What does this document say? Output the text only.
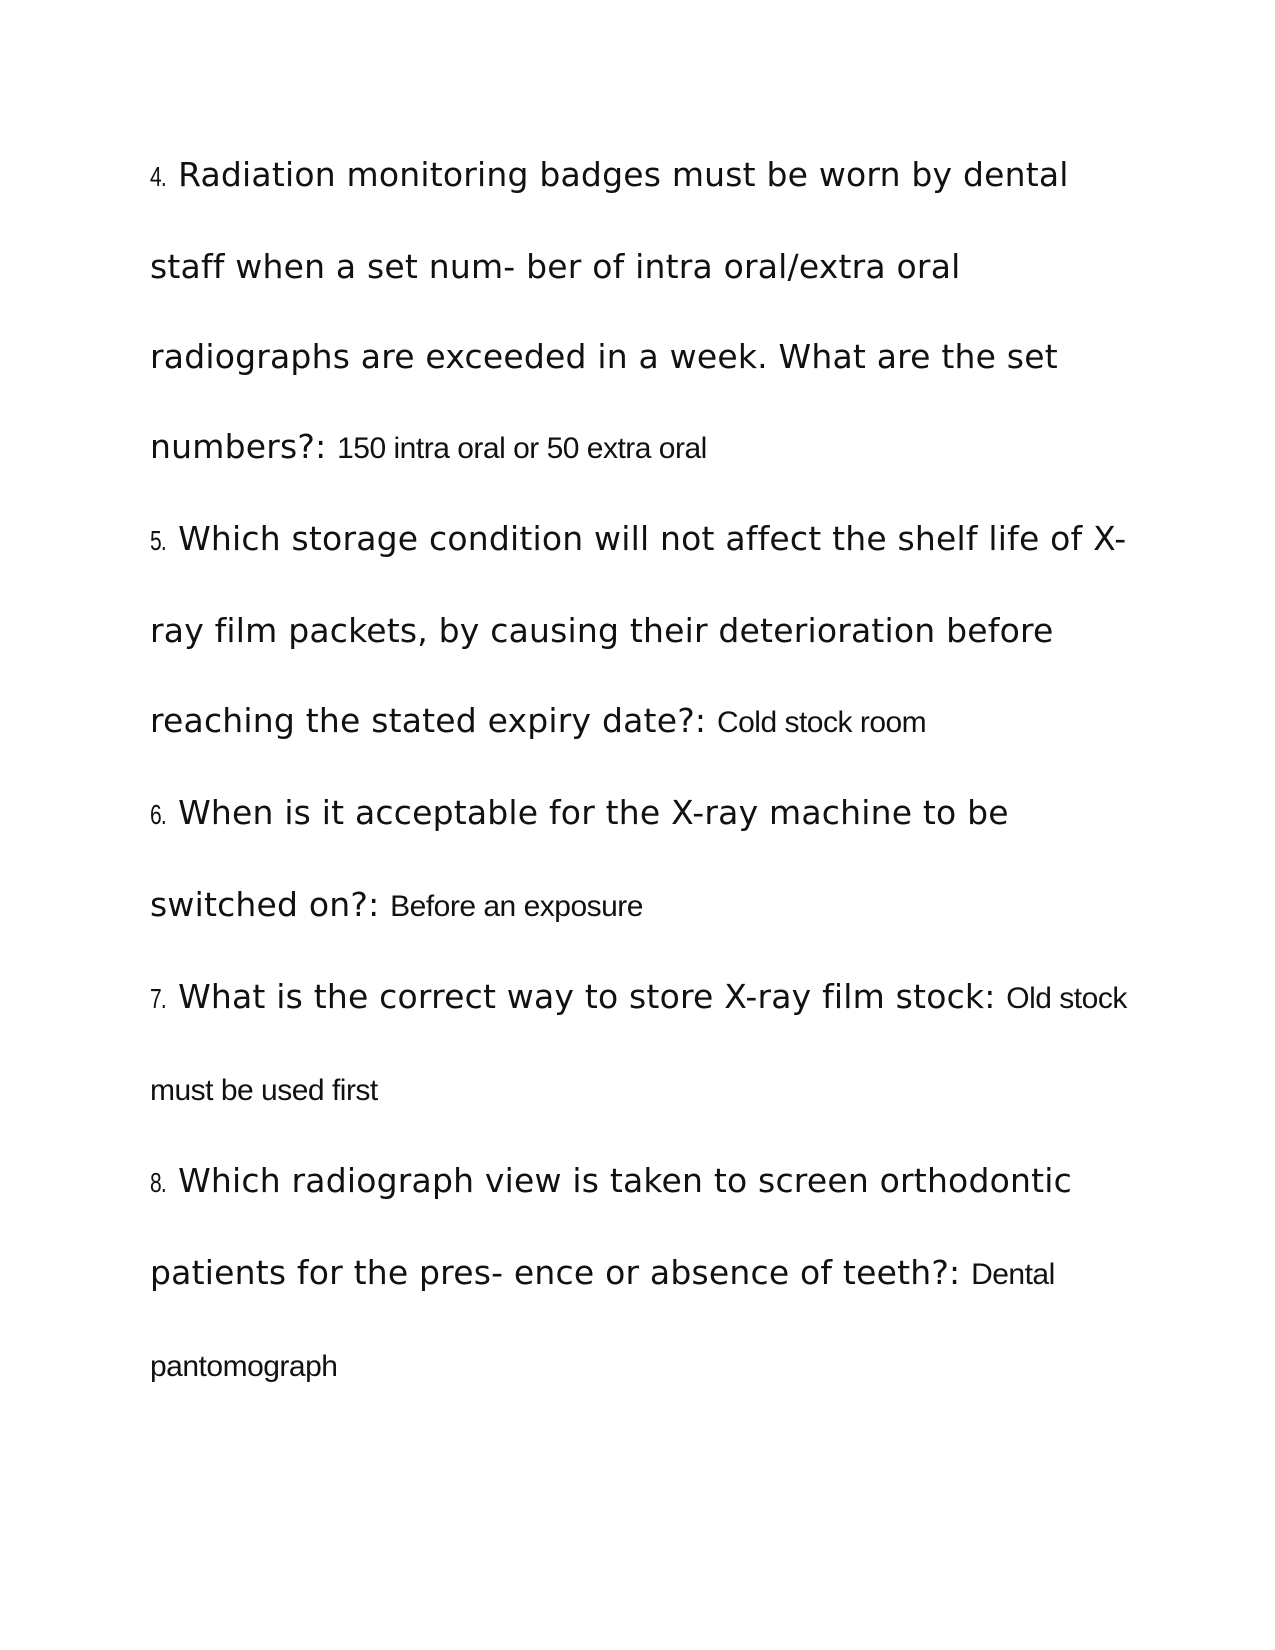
4. Radiation monitoring badges must be worn by dental staff when a set num- ber of intra oral/extra oral radiographs are exceeded in a week. What are the set numbers?: 150 intra oral or 50 extra oral

5. Which storage condition will not affect the shelf life of X-ray film packets, by causing their deterioration before reaching the stated expiry date?: Cold stock room

6. When is it acceptable for the X-ray machine to be switched on?: Before an exposure

7. What is the correct way to store X-ray film stock: Old stock must be used first

8. Which radiograph view is taken to screen orthodontic patients for the pres- ence or absence of teeth?: Dental pantomograph
